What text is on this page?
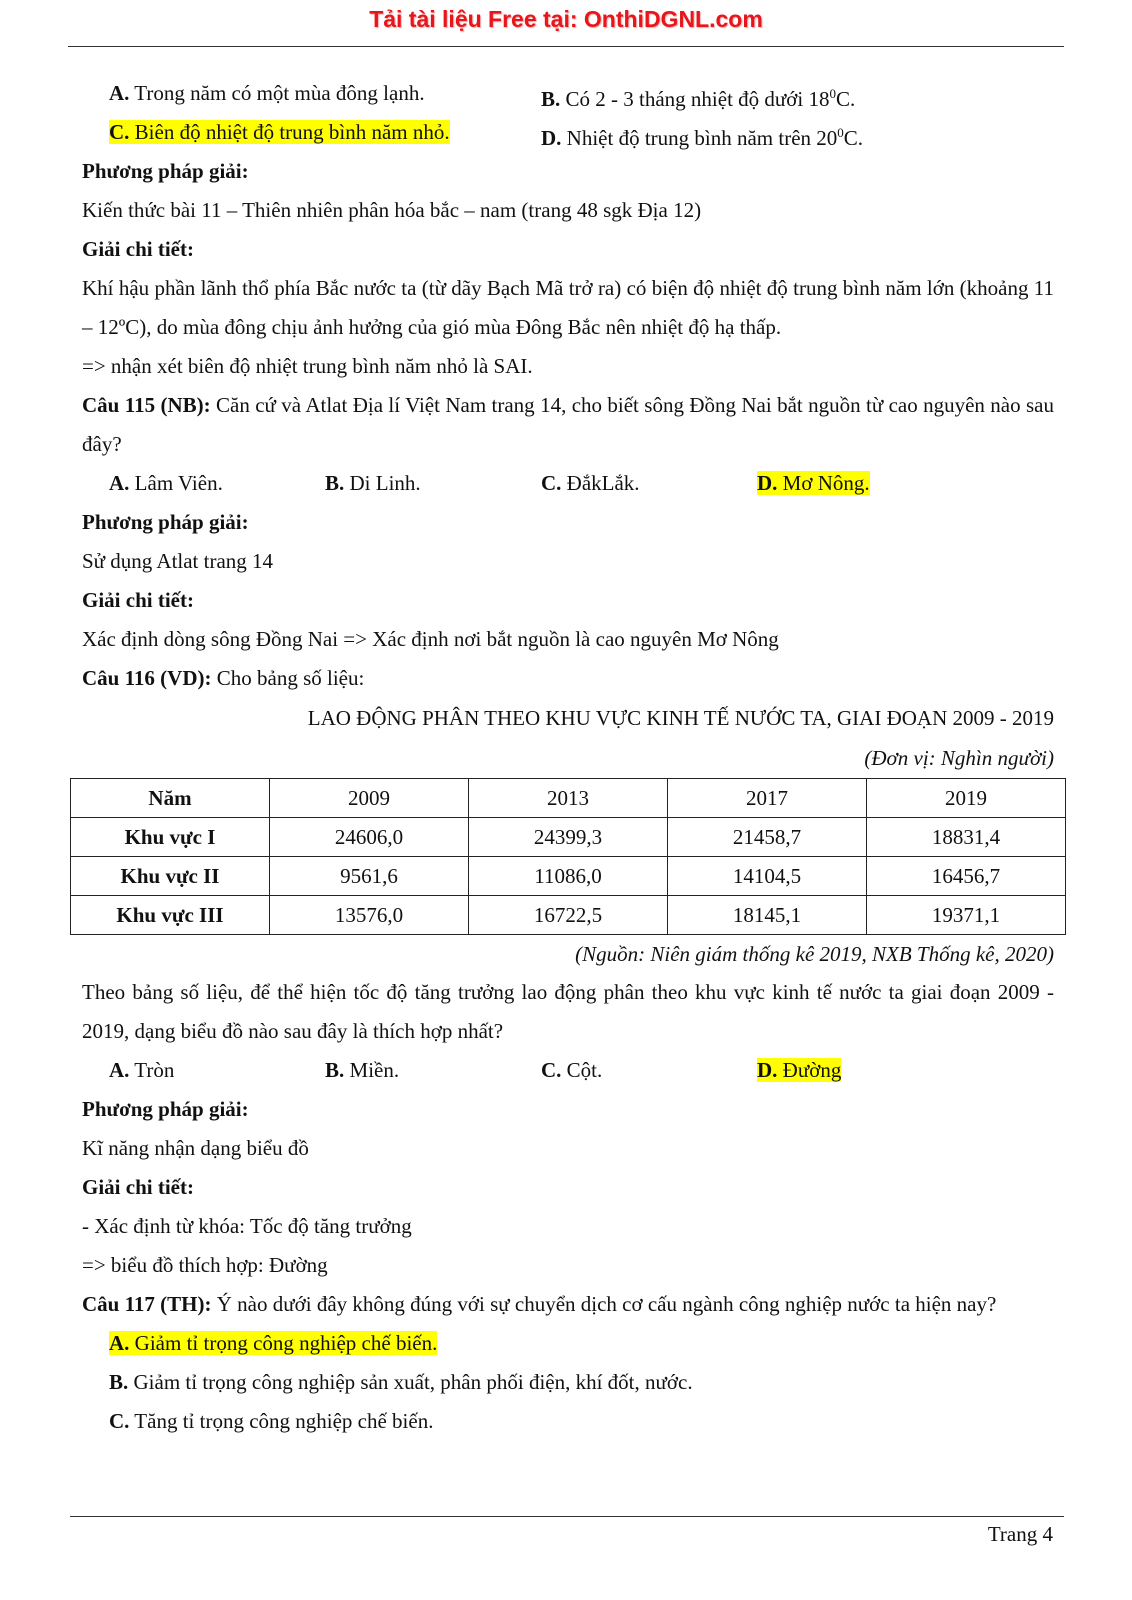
Tải tài liệu Free tại: OnthiDGNL.com
A. Trong năm có một mùa đông lạnh.	B. Có 2 - 3 tháng nhiệt độ dưới $18^0C$.
C. Biên độ nhiệt độ trung bình năm nhỏ.	D. Nhiệt độ trung bình năm trên $20^0C$.
Phương pháp giải:
Kiến thức bài 11 – Thiên nhiên phân hóa bắc – nam (trang 48 sgk Địa 12)
Giải chi tiết:
Khí hậu phần lãnh thổ phía Bắc nước ta (từ dãy Bạch Mã trở ra) có biện độ nhiệt độ trung bình năm lớn (khoảng 11 – 12ºC), do mùa đông chịu ảnh hưởng của gió mùa Đông Bắc nên nhiệt độ hạ thấp.
=> nhận xét biên độ nhiệt trung bình năm nhỏ là SAI.
Câu 115 (NB): Căn cứ và Atlat Địa lí Việt Nam trang 14, cho biết sông Đồng Nai bắt nguồn từ cao nguyên nào sau đây?
A. Lâm Viên.	B. Di Linh.	C. ĐắkLắk.	D. Mơ Nông.
Phương pháp giải:
Sử dụng Atlat trang 14
Giải chi tiết:
Xác định dòng sông Đồng Nai => Xác định nơi bắt nguồn là cao nguyên Mơ Nông
Câu 116 (VD): Cho bảng số liệu:
LAO ĐỘNG PHÂN THEO KHU VỰC KINH TẾ NƯỚC TA, GIAI ĐOẠN 2009 - 2019
(Đơn vị: Nghìn người)
Năm	2009	2013	2017	2019
Khu vực I	24606,0	24399,3	21458,7	18831,4
Khu vực II	9561,6	11086,0	14104,5	16456,7
Khu vực III	13576,0	16722,5	18145,1	19371,1
(Nguồn: Niên giám thống kê 2019, NXB Thống kê, 2020)
Theo bảng số liệu, để thể hiện tốc độ tăng trưởng lao động phân theo khu vực kinh tế nước ta giai đoạn 2009 - 2019, dạng biểu đồ nào sau đây là thích hợp nhất?
A. Tròn	B. Miền.	C. Cột.	D. Đường
Phương pháp giải:
Kĩ năng nhận dạng biểu đồ
Giải chi tiết:
- Xác định từ khóa: Tốc độ tăng trưởng
=> biểu đồ thích hợp: Đường
Câu 117 (TH): Ý nào dưới đây không đúng với sự chuyển dịch cơ cấu ngành công nghiệp nước ta hiện nay?
A. Giảm tỉ trọng công nghiệp chế biến.
B. Giảm tỉ trọng công nghiệp sản xuất, phân phối điện, khí đốt, nước.
C. Tăng tỉ trọng công nghiệp chế biến.
Trang 4
